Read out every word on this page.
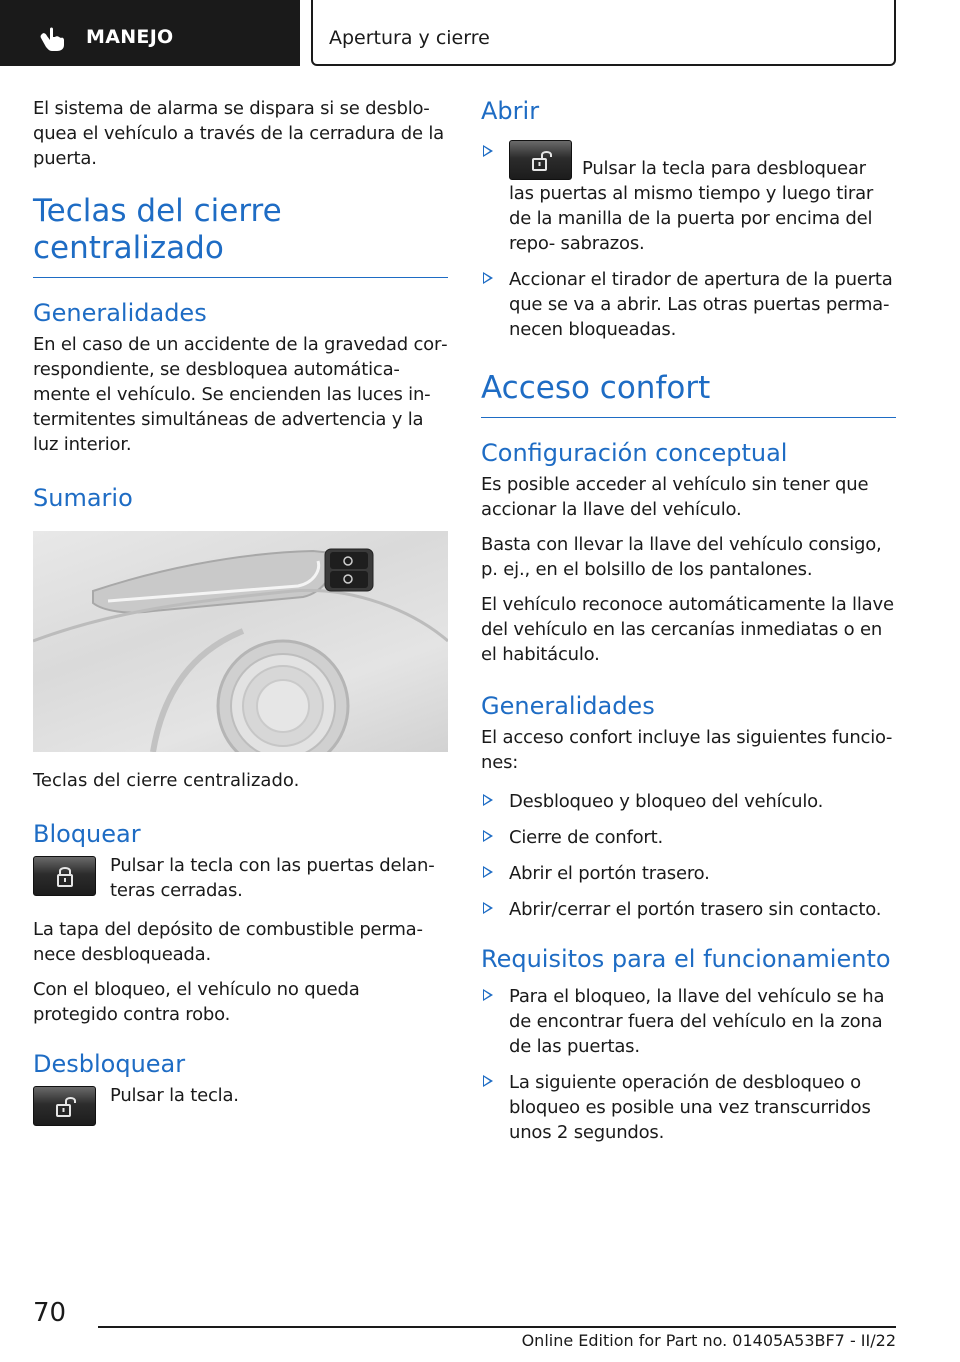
MANEJO	Apertura y cierre

El sistema de alarma se dispara si se desblo‐ quea el vehículo a través de la cerradura de la puerta.

Teclas del cierre
centralizado
Generalidades

En el caso de un accidente de la gravedad cor‐ respondiente, se desbloquea automática‐ mente el vehículo. Se encienden las luces in‐ termitentes simultáneas de advertencia y la luz interior.

Sumario

Teclas del cierre centralizado.

Bloquear

Pulsar la tecla con las puertas delan‐ teras cerradas.

La tapa del depósito de combustible perma‐ nece desbloqueada.

Con el bloqueo, el vehículo no queda protegido contra robo.

Desbloquear

Pulsar la tecla.

Abrir
Pulsar la tecla para desbloquear las puertas al mismo tiempo y luego tirar de la manilla de la puerta por encima del repo‐ sabrazos.
Accionar el tirador de apertura de la puerta que se va a abrir. Las otras puertas perma‐ necen bloqueadas.
Acceso confort
Configuración conceptual

Es posible acceder al vehículo sin tener que accionar la llave del vehículo.

Basta con llevar la llave del vehículo consigo, p. ej., en el bolsillo de los pantalones.

El vehículo reconoce automáticamente la llave del vehículo en las cercanías inmediatas o en el habitáculo.

Generalidades

El acceso confort incluye las siguientes funcio‐ nes:

Desbloqueo y bloqueo del vehículo.
Cierre de confort.
Abrir el portón trasero.
Abrir/cerrar el portón trasero sin contacto.
Requisitos para el funcionamiento
Para el bloqueo, la llave del vehículo se ha de encontrar fuera del vehículo en la zona de las puertas.
La siguiente operación de desbloqueo o bloqueo es posible una vez transcurridos unos 2 segundos.
70
Online Edition for Part no. 01405A53BF7 - II/22
